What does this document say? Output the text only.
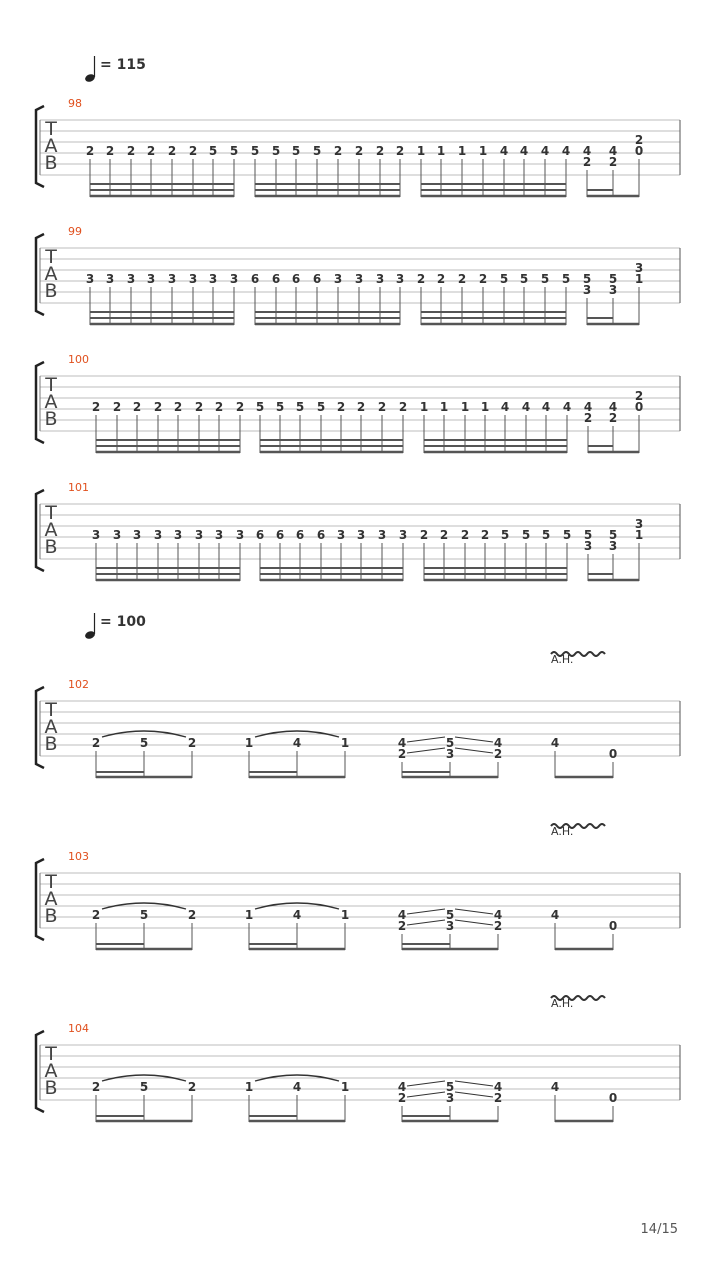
= 115
T
A
B
98
2 2 2 2 2 2 5 5 5 5 5 5 2 2 2 2 1 1 1 1 4 4 4 4 4
2
4
2
2
0
T
A
B
99
3 3 3 3 3 3 3 3 6 6 6 6 3 3 3 3 2 2 2 2 5 5 5 5 5
3
5
3
3
1
T
A
B
100
2 2 2 2 2 2 2 2 5 5 5 5 2 2 2 2 1 1 1 1 4 4 4 4 4
2
4
2
2
0
T
A
B
101
3 3 3 3 3 3 3 3 6 6 6 6 3 3 3 3 2 2 2 2 5 5 5 5 5
3
5
3
3
1
= 100
T
A
B
102
A.H.
2	5	2	1	4	1	4
2
5
3
4
2
4
0
T
A
B
103
A.H.
2	5	2	1	4	1	4
2
5
3
4
2
4
0
T
A
B
104
A.H.
2	5	2	1	4	1	4
2
5
3
4
2
4
0
14/15
